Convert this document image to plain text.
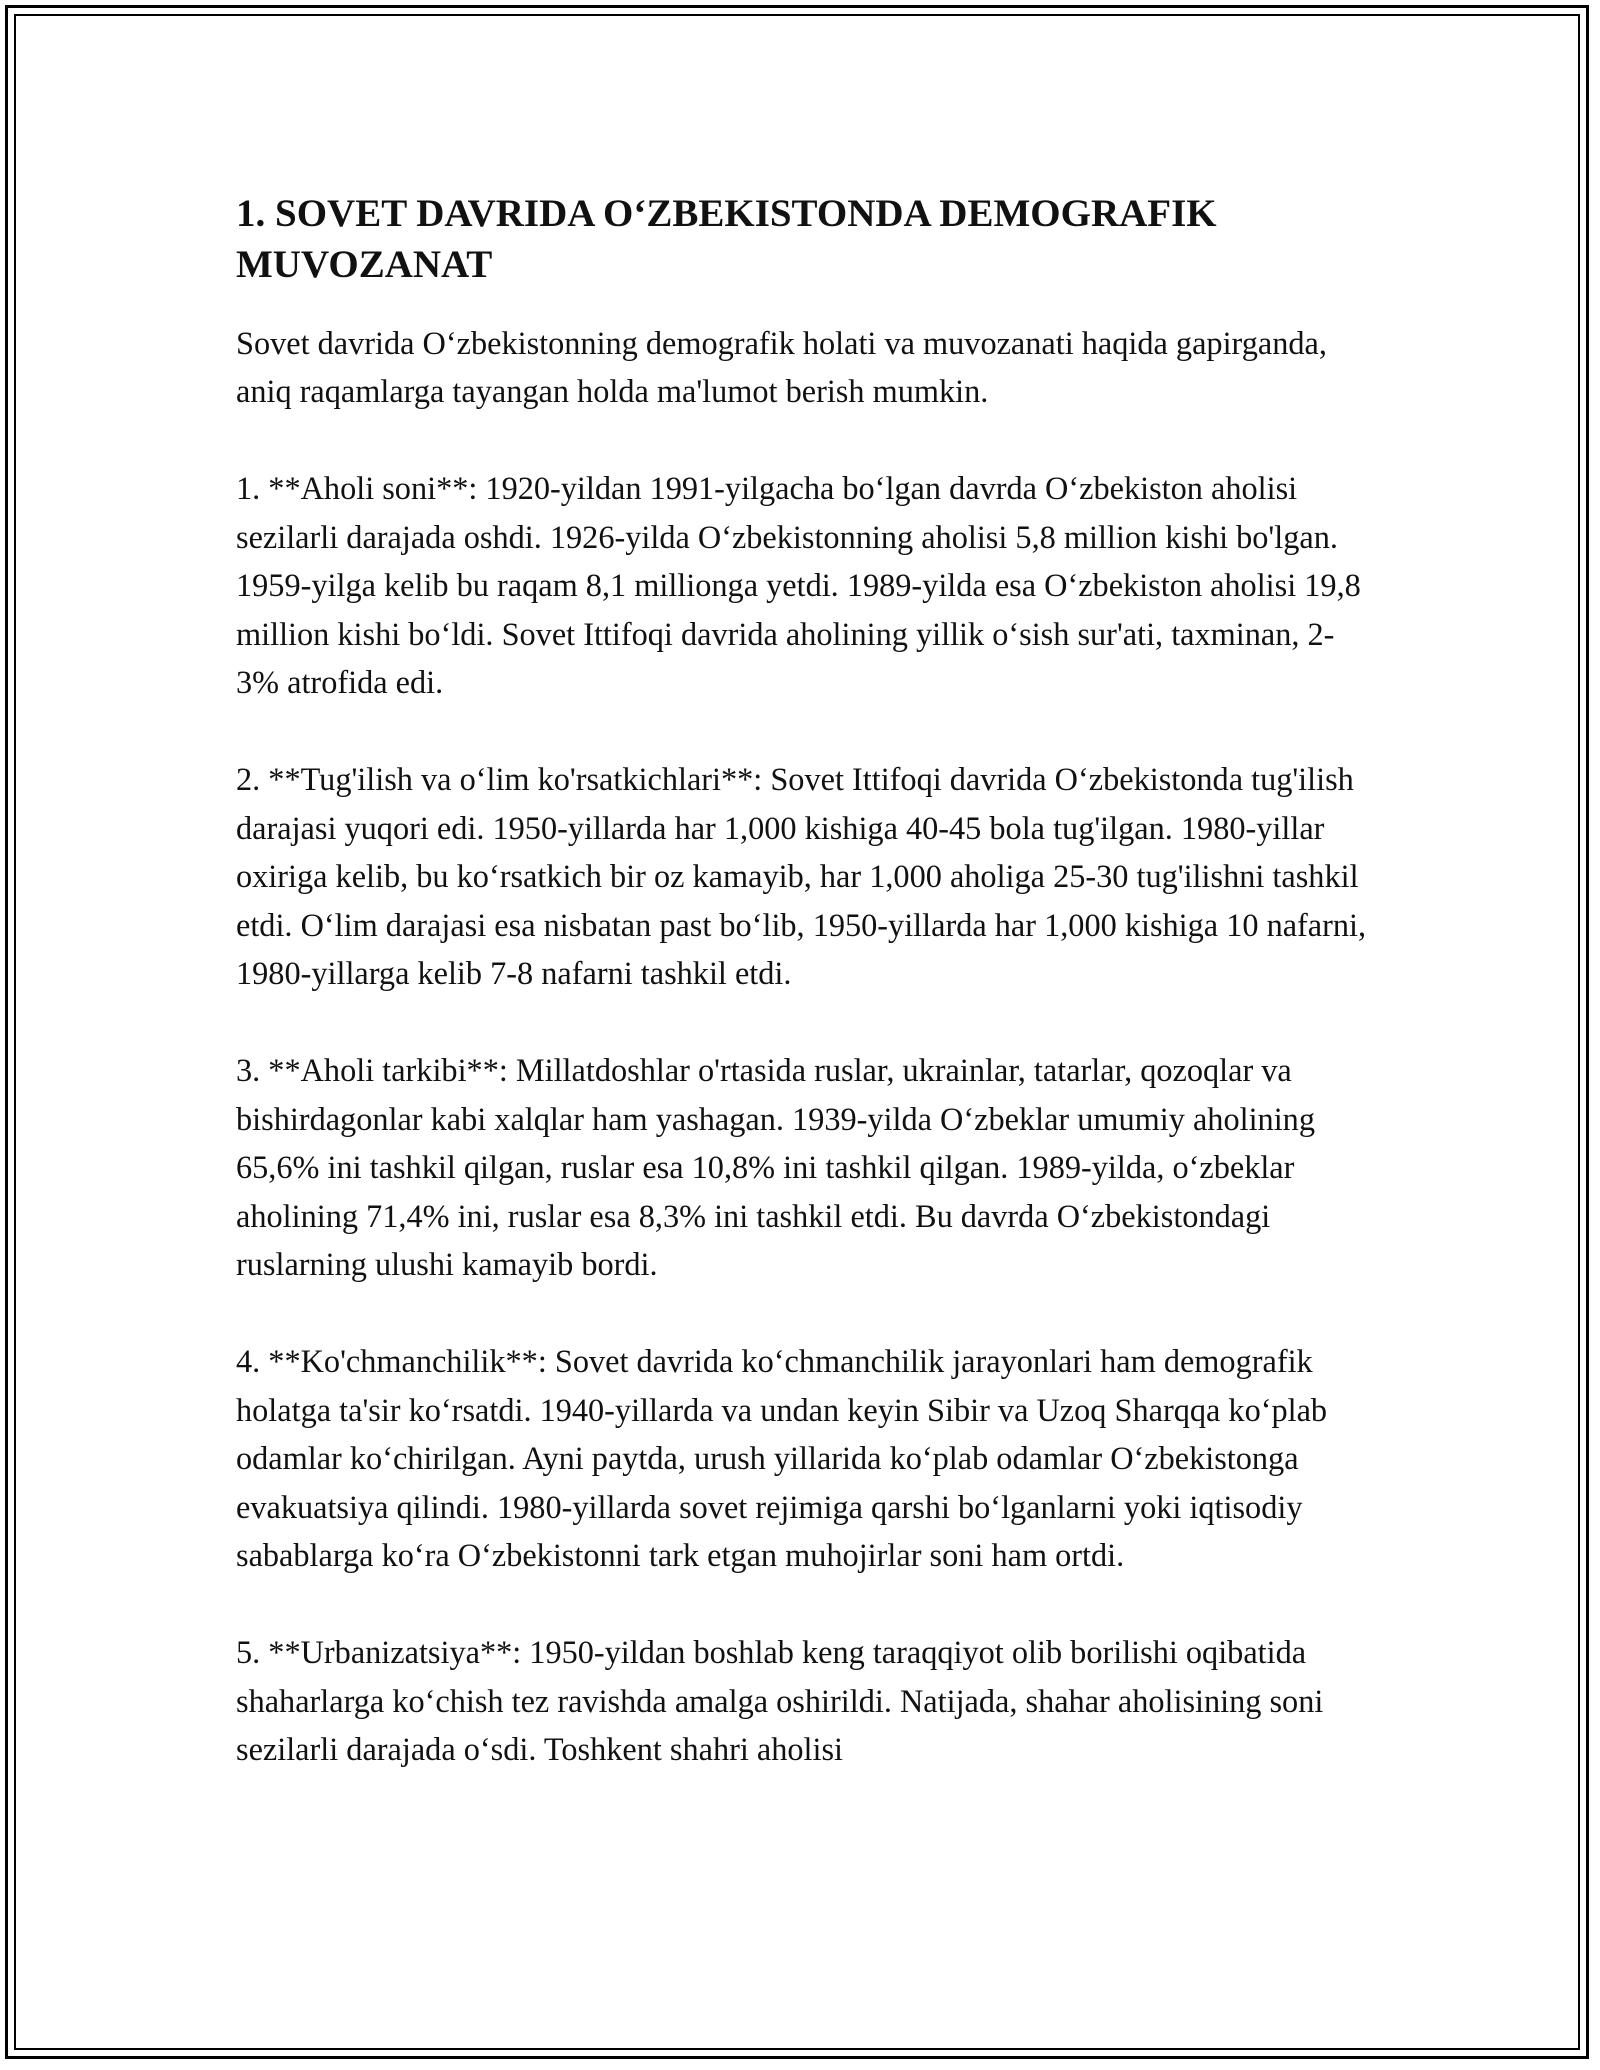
1. SOVET DAVRIDA O‘ZBEKISTONDA DEMOGRAFIK MUVOZANAT

Sovet davrida O‘zbekistonning demografik holati va muvozanati haqida gapirganda, aniq raqamlarga tayangan holda ma'lumot berish mumkin.

1. **Aholi soni**: 1920-yildan 1991-yilgacha bo‘lgan davrda O‘zbekiston aholisi sezilarli darajada oshdi. 1926-yilda O‘zbekistonning aholisi 5,8 million kishi bo'lgan. 1959-yilga kelib bu raqam 8,1 millionga yetdi. 1989-yilda esa O‘zbekiston aholisi 19,8 million kishi bo‘ldi. Sovet Ittifoqi davrida aholining yillik o‘sish sur'ati, taxminan, 2-3% atrofida edi.

2. **Tug'ilish va o‘lim ko'rsatkichlari**: Sovet Ittifoqi davrida O‘zbekistonda tug'ilish darajasi yuqori edi. 1950-yillarda har 1,000 kishiga 40-45 bola tug'ilgan. 1980-yillar oxiriga kelib, bu ko‘rsatkich bir oz kamayib, har 1,000 aholiga 25-30 tug'ilishni tashkil etdi. O‘lim darajasi esa nisbatan past bo‘lib, 1950-yillarda har 1,000 kishiga 10 nafarni, 1980-yillarga kelib 7-8 nafarni tashkil etdi.

3. **Aholi tarkibi**: Millatdoshlar o'rtasida ruslar, ukrainlar, tatarlar, qozoqlar va bishirdagonlar kabi xalqlar ham yashagan. 1939-yilda O‘zbeklar umumiy aholining 65,6% ini tashkil qilgan, ruslar esa 10,8% ini tashkil qilgan. 1989-yilda, o‘zbeklar aholining 71,4% ini, ruslar esa 8,3% ini tashkil etdi. Bu davrda O‘zbekistondagi ruslarning ulushi kamayib bordi.

4. **Ko'chmanchilik**: Sovet davrida ko‘chmanchilik jarayonlari ham demografik holatga ta'sir ko‘rsatdi. 1940-yillarda va undan keyin Sibir va Uzoq Sharqqa ko‘plab odamlar ko‘chirilgan. Ayni paytda, urush yillarida ko‘plab odamlar O‘zbekistonga evakuatsiya qilindi. 1980-yillarda sovet rejimiga qarshi bo‘lganlarni yoki iqtisodiy sabablarga ko‘ra O‘zbekistonni tark etgan muhojirlar soni ham ortdi.

5. **Urbanizatsiya**: 1950-yildan boshlab keng taraqqiyot olib borilishi oqibatida shaharlarga ko‘chish tez ravishda amalga oshirildi. Natijada, shahar aholisining soni sezilarli darajada o‘sdi. Toshkent shahri aholisi
